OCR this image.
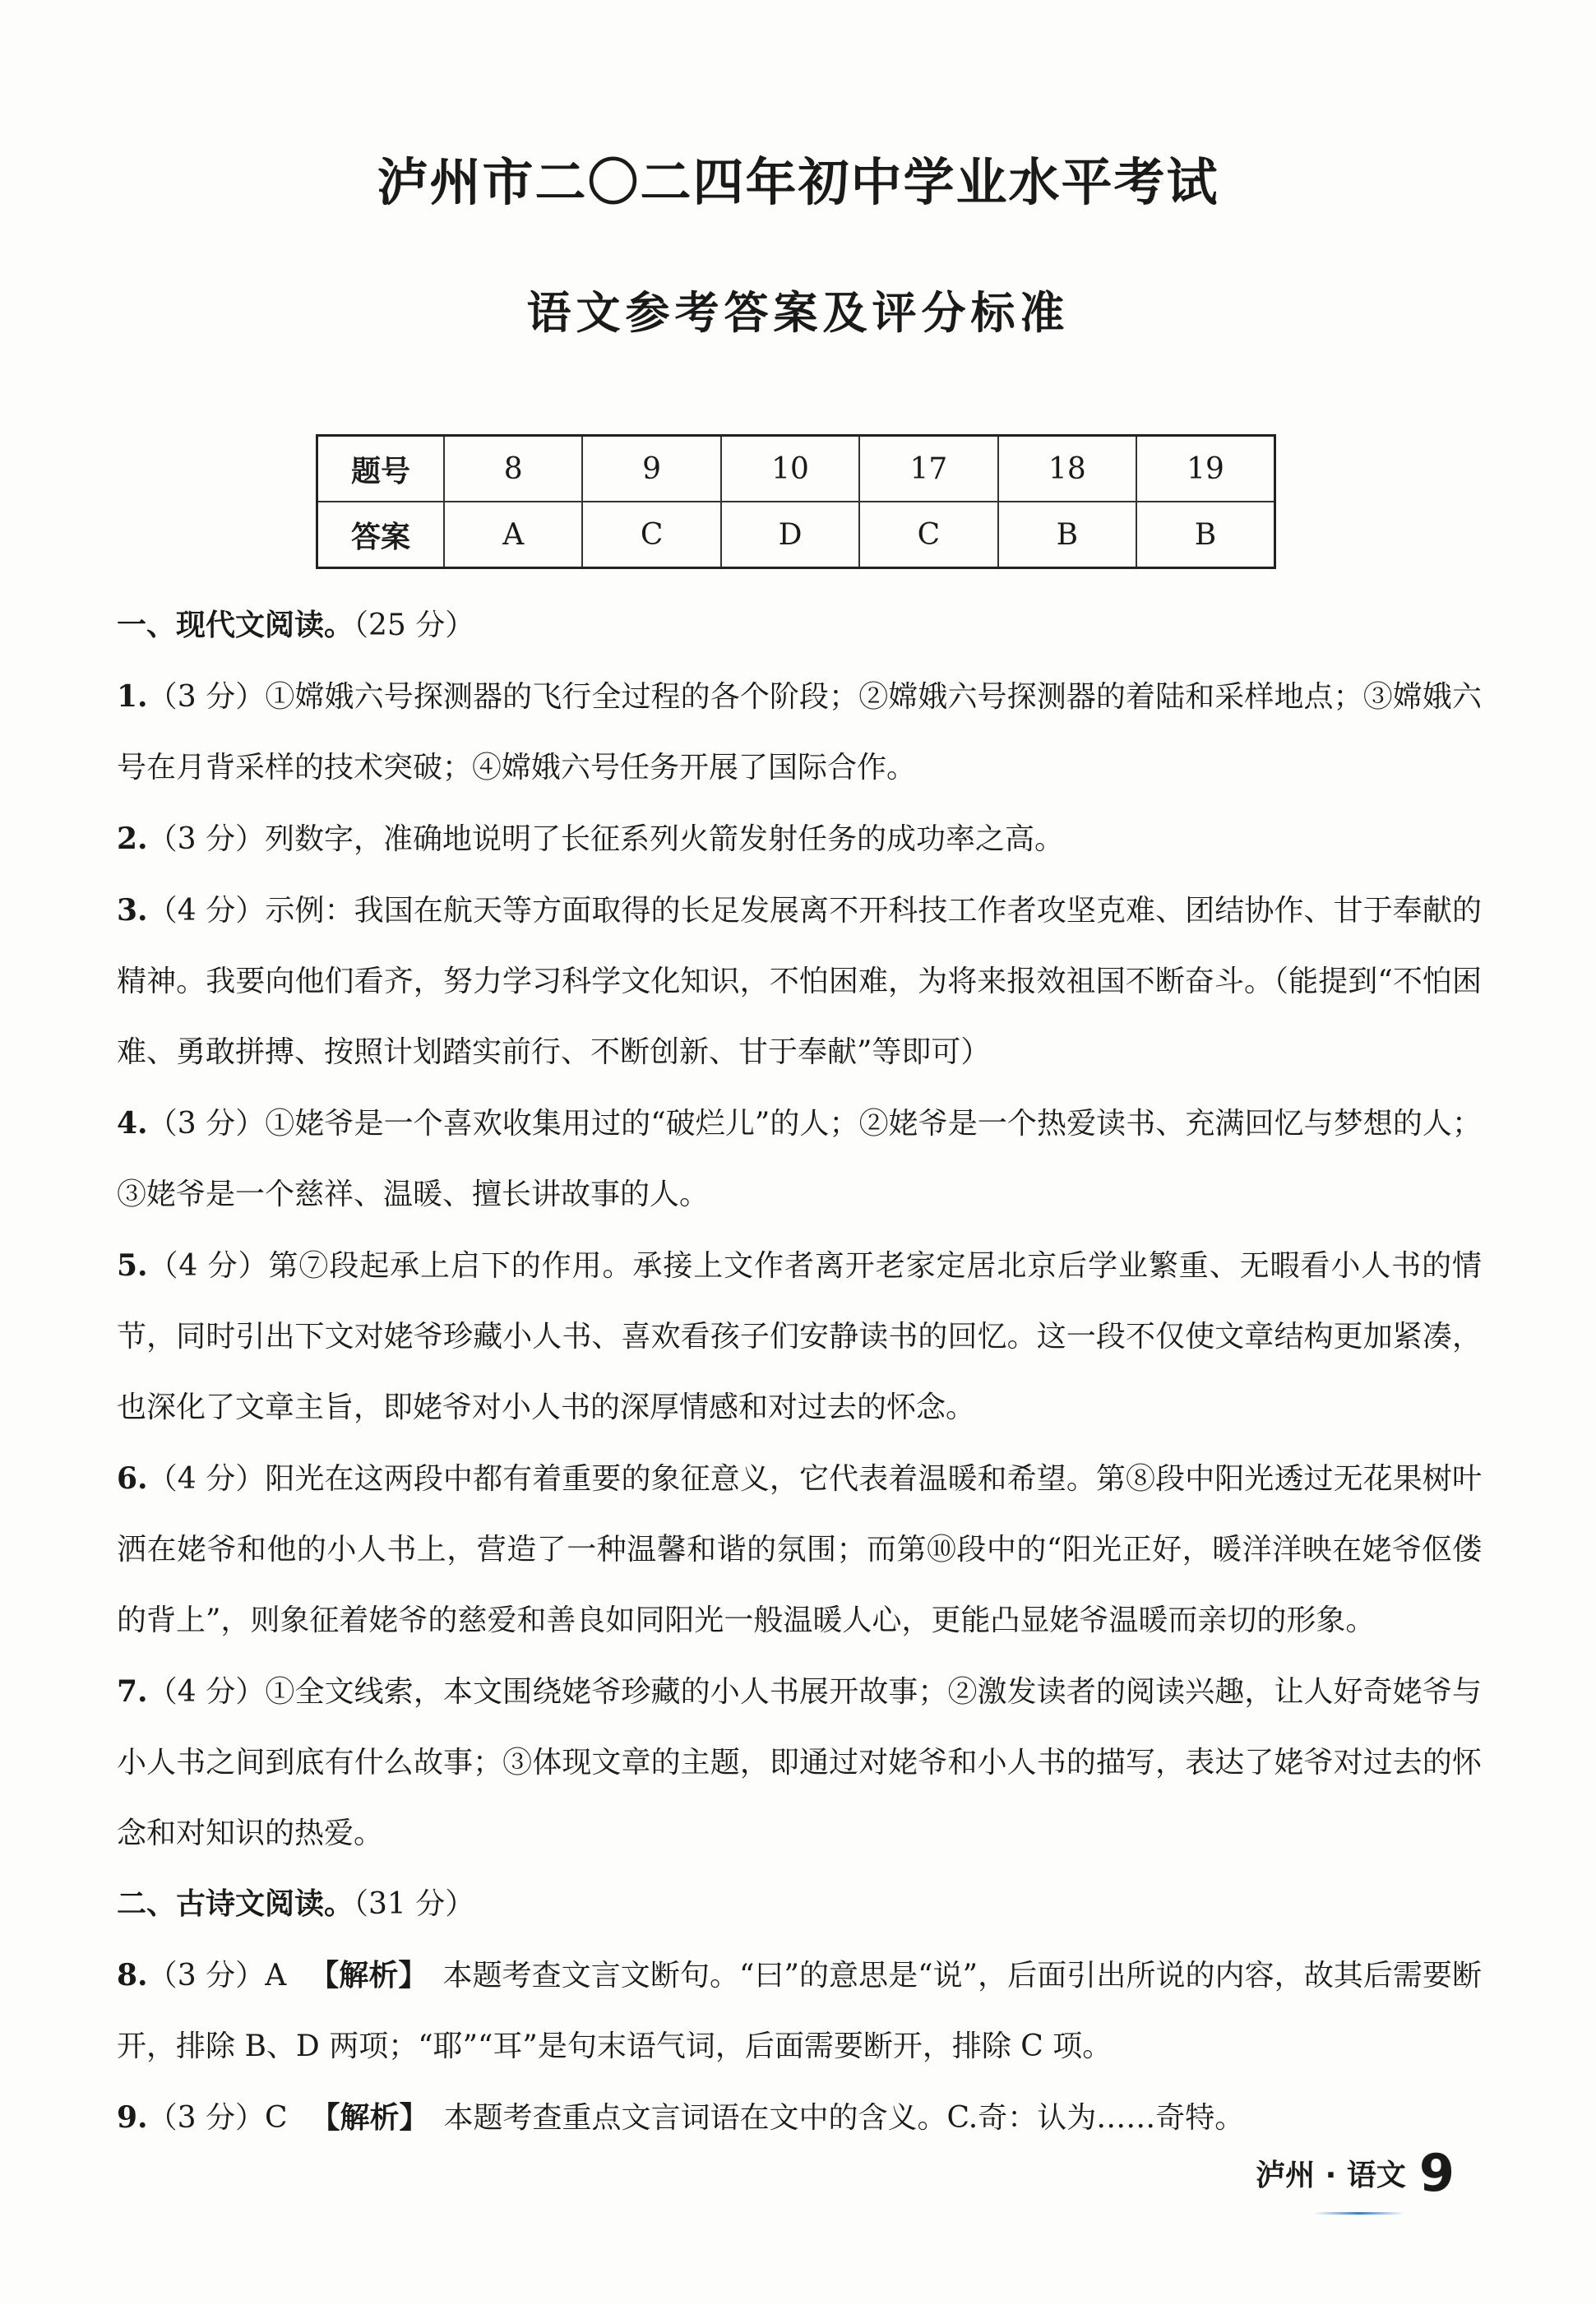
泸州市二〇二四年初中学业水平考试
语文参考答案及评分标准
题号	8	9	10	17	18	19
答案	A	C	D	C	B	B

一、现代文阅读。（25 分）

1.（3 分）①嫦娥六号探测器的飞行全过程的各个阶段；②嫦娥六号探测器的着陆和采样地点；③嫦娥六号在月背采样的技术突破；④嫦娥六号任务开展了国际合作。

2.（3 分）列数字，准确地说明了长征系列火箭发射任务的成功率之高。

3.（4 分）示例：我国在航天等方面取得的长足发展离不开科技工作者攻坚克难、团结协作、甘于奉献的精神。我要向他们看齐，努力学习科学文化知识，不怕困难，为将来报效祖国不断奋斗。（能提到“不怕困难、勇敢拼搏、按照计划踏实前行、不断创新、甘于奉献”等即可）

4.（3 分）①姥爷是一个喜欢收集用过的“破烂儿”的人；②姥爷是一个热爱读书、充满回忆与梦想的人；③姥爷是一个慈祥、温暖、擅长讲故事的人。

5.（4 分）第⑦段起承上启下的作用。承接上文作者离开老家定居北京后学业繁重、无暇看小人书的情节，同时引出下文对姥爷珍藏小人书、喜欢看孩子们安静读书的回忆。这一段不仅使文章结构更加紧凑，也深化了文章主旨，即姥爷对小人书的深厚情感和对过去的怀念。

6.（4 分）阳光在这两段中都有着重要的象征意义，它代表着温暖和希望。第⑧段中阳光透过无花果树叶洒在姥爷和他的小人书上，营造了一种温馨和谐的氛围；而第⑩段中的“阳光正好，暖洋洋映在姥爷伛偻的背上”，则象征着姥爷的慈爱和善良如同阳光一般温暖人心，更能凸显姥爷温暖而亲切的形象。

7.（4 分）①全文线索，本文围绕姥爷珍藏的小人书展开故事；②激发读者的阅读兴趣，让人好奇姥爷与小人书之间到底有什么故事；③体现文章的主题，即通过对姥爷和小人书的描写，表达了姥爷对过去的怀念和对知识的热爱。

二、古诗文阅读。（31 分）

8.（3 分）A 【解析】 本题考查文言文断句。“曰”的意思是“说”，后面引出所说的内容，故其后需要断开，排除 B、D 两项；“耶”“耳”是句末语气词，后面需要断开，排除 C 项。

9.（3 分）C 【解析】 本题考查重点文言词语在文中的含义。C.奇：认为……奇特。

泸州 · 语文 9
